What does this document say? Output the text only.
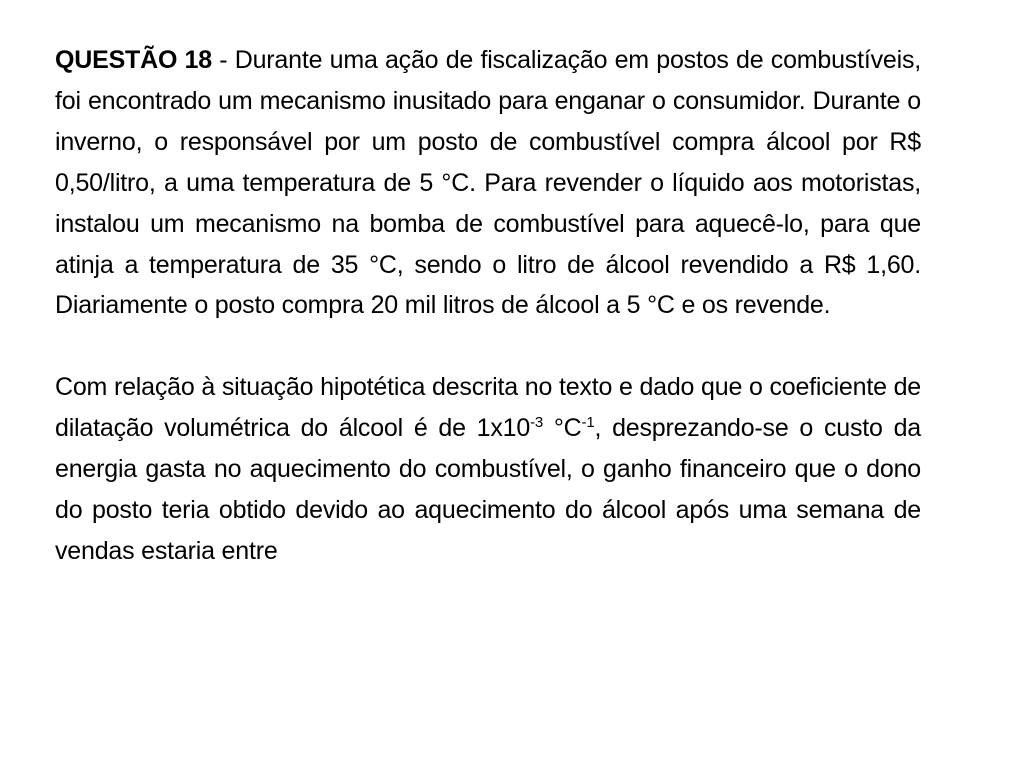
QUESTÃO 18 - Durante uma ação de fiscalização em postos de combustíveis, foi encontrado um mecanismo inusitado para enganar o consumidor. Durante o inverno, o responsável por um posto de combustível compra álcool por R$ 0,50/litro, a uma temperatura de 5 °C. Para revender o líquido aos motoristas, instalou um mecanismo na bomba de combustível para aquecê-lo, para que atinja a temperatura de 35 °C, sendo o litro de álcool revendido a R$ 1,60. Diariamente o posto compra 20 mil litros de álcool a 5 °C e os revende.

Com relação à situação hipotética descrita no texto e dado que o coeficiente de dilatação volumétrica do álcool é de $1x10^{-3}$ $^\circ C^{-1}$, desprezando-se o custo da energia gasta no aquecimento do combustível, o ganho financeiro que o dono do posto teria obtido devido ao aquecimento do álcool após uma semana de vendas estaria entre
